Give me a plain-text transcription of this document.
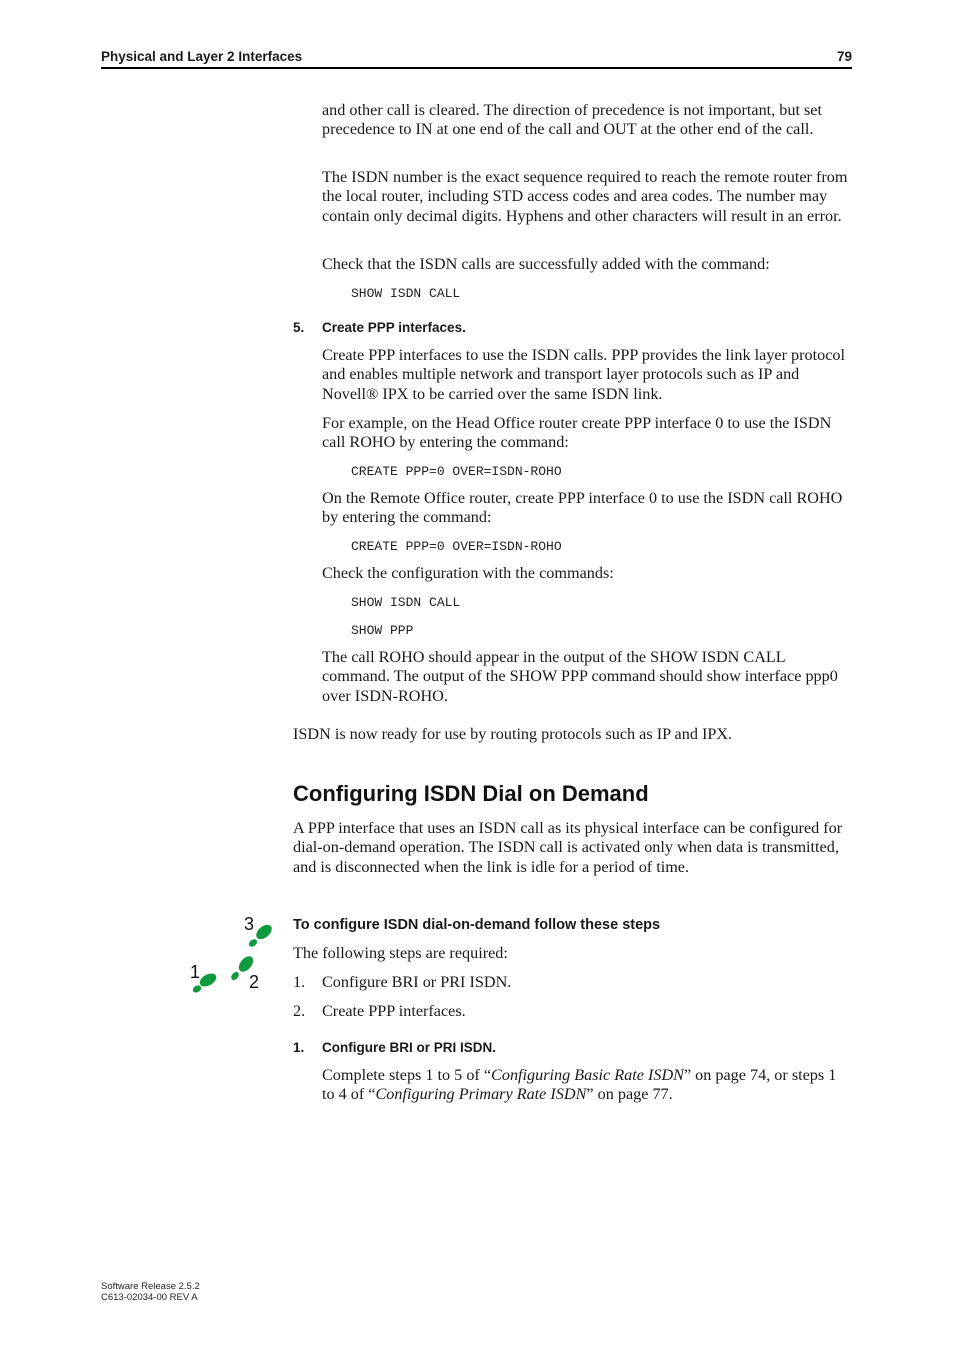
Physical and Layer 2 Interfaces	79
and other call is cleared. The direction of precedence is not important, but set precedence to IN at one end of the call and OUT at the other end of the call.
The ISDN number is the exact sequence required to reach the remote router from the local router, including STD access codes and area codes. The number may contain only decimal digits. Hyphens and other characters will result in an error.
Check that the ISDN calls are successfully added with the command:
SHOW ISDN CALL
5. Create PPP interfaces.
Create PPP interfaces to use the ISDN calls. PPP provides the link layer protocol and enables multiple network and transport layer protocols such as IP and Novell® IPX to be carried over the same ISDN link.
For example, on the Head Office router create PPP interface 0 to use the ISDN call ROHO by entering the command:
CREATE PPP=0 OVER=ISDN-ROHO
On the Remote Office router, create PPP interface 0 to use the ISDN call ROHO by entering the command:
CREATE PPP=0 OVER=ISDN-ROHO
Check the configuration with the commands:
SHOW ISDN CALL
SHOW PPP
The call ROHO should appear in the output of the SHOW ISDN CALL command. The output of the SHOW PPP command should show interface ppp0 over ISDN-ROHO.
ISDN is now ready for use by routing protocols such as IP and IPX.
Configuring ISDN Dial on Demand
A PPP interface that uses an ISDN call as its physical interface can be configured for dial-on-demand operation. The ISDN call is activated only when data is transmitted, and is disconnected when the link is idle for a period of time.
3
1	2
To configure ISDN dial-on-demand follow these steps
The following steps are required:
1. Configure BRI or PRI ISDN.
2. Create PPP interfaces.
1. Configure BRI or PRI ISDN.
Complete steps 1 to 5 of “Configuring Basic Rate ISDN” on page 74, or steps 1 to 4 of “Configuring Primary Rate ISDN” on page 77.
Software Release 2.5.2
C613-02034-00 REV A
